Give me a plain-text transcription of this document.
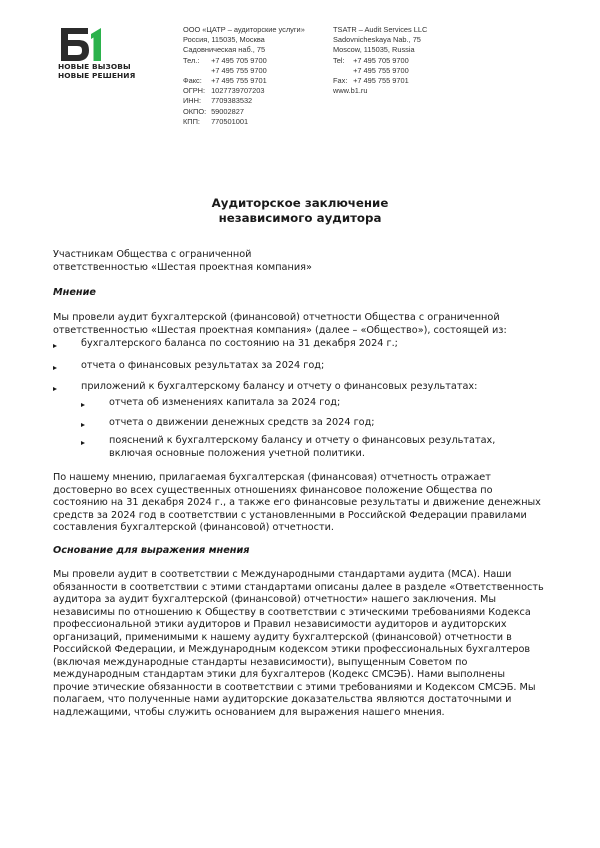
НОВЫЕ ВЫЗОВЫ
НОВЫЕ РЕШЕНИЯ
ООО «ЦАТР – аудиторские услуги»
Россия, 115035, Москва
Садовническая наб., 75
Тел.: +7 495 705 9700
+7 495 755 9700
Факс: +7 495 755 9701
ОГРН: 1027739707203
ИНН: 7709383532
ОКПО: 59002827
КПП: 770501001
TSATR – Audit Services LLC
Sadovnicheskaya Nab., 75
Moscow, 115035, Russia
Tel: +7 495 705 9700
+7 495 755 9700
Fax: +7 495 755 9701
www.b1.ru
Аудиторское заключение
независимого аудитора

Участникам Общества с ограниченной

ответственностью «Шестая проектная компания»

Мнение

Мы провели аудит бухгалтерской (финансовой) отчетности Общества с ограниченной

ответственностью «Шестая проектная компания» (далее – «Общество»), состоящей из:

бухгалтерского баланса по состоянию на 31 декабря 2024 г.;
отчета о финансовых результатах за 2024 год;
приложений к бухгалтерскому балансу и отчету о финансовых результатах:
отчета об изменениях капитала за 2024 год;
отчета о движении денежных средств за 2024 год;
пояснений к бухгалтерскому балансу и отчету о финансовых результатах,
включая основные положения учетной политики.

По нашему мнению, прилагаемая бухгалтерская (финансовая) отчетность отражает

достоверно во всех существенных отношениях финансовое положение Общества по

состоянию на 31 декабря 2024 г., а также его финансовые результаты и движение денежных

средств за 2024 год в соответствии с установленными в Российской Федерации правилами

составления бухгалтерской (финансовой) отчетности.

Основание для выражения мнения

Мы провели аудит в соответствии с Международными стандартами аудита (МСА). Наши

обязанности в соответствии с этими стандартами описаны далее в разделе «Ответственность

аудитора за аудит бухгалтерской (финансовой) отчетности» нашего заключения. Мы

независимы по отношению к Обществу в соответствии с этическими требованиями Кодекса

профессиональной этики аудиторов и Правил независимости аудиторов и аудиторских

организаций, применимыми к нашему аудиту бухгалтерской (финансовой) отчетности в

Российской Федерации, и Международным кодексом этики профессиональных бухгалтеров

(включая международные стандарты независимости), выпущенным Советом по

международным стандартам этики для бухгалтеров (Кодекс СМСЭБ). Нами выполнены

прочие этические обязанности в соответствии с этими требованиями и Кодексом СМСЭБ. Мы

полагаем, что полученные нами аудиторские доказательства являются достаточными и

надлежащими, чтобы служить основанием для выражения нашего мнения.
